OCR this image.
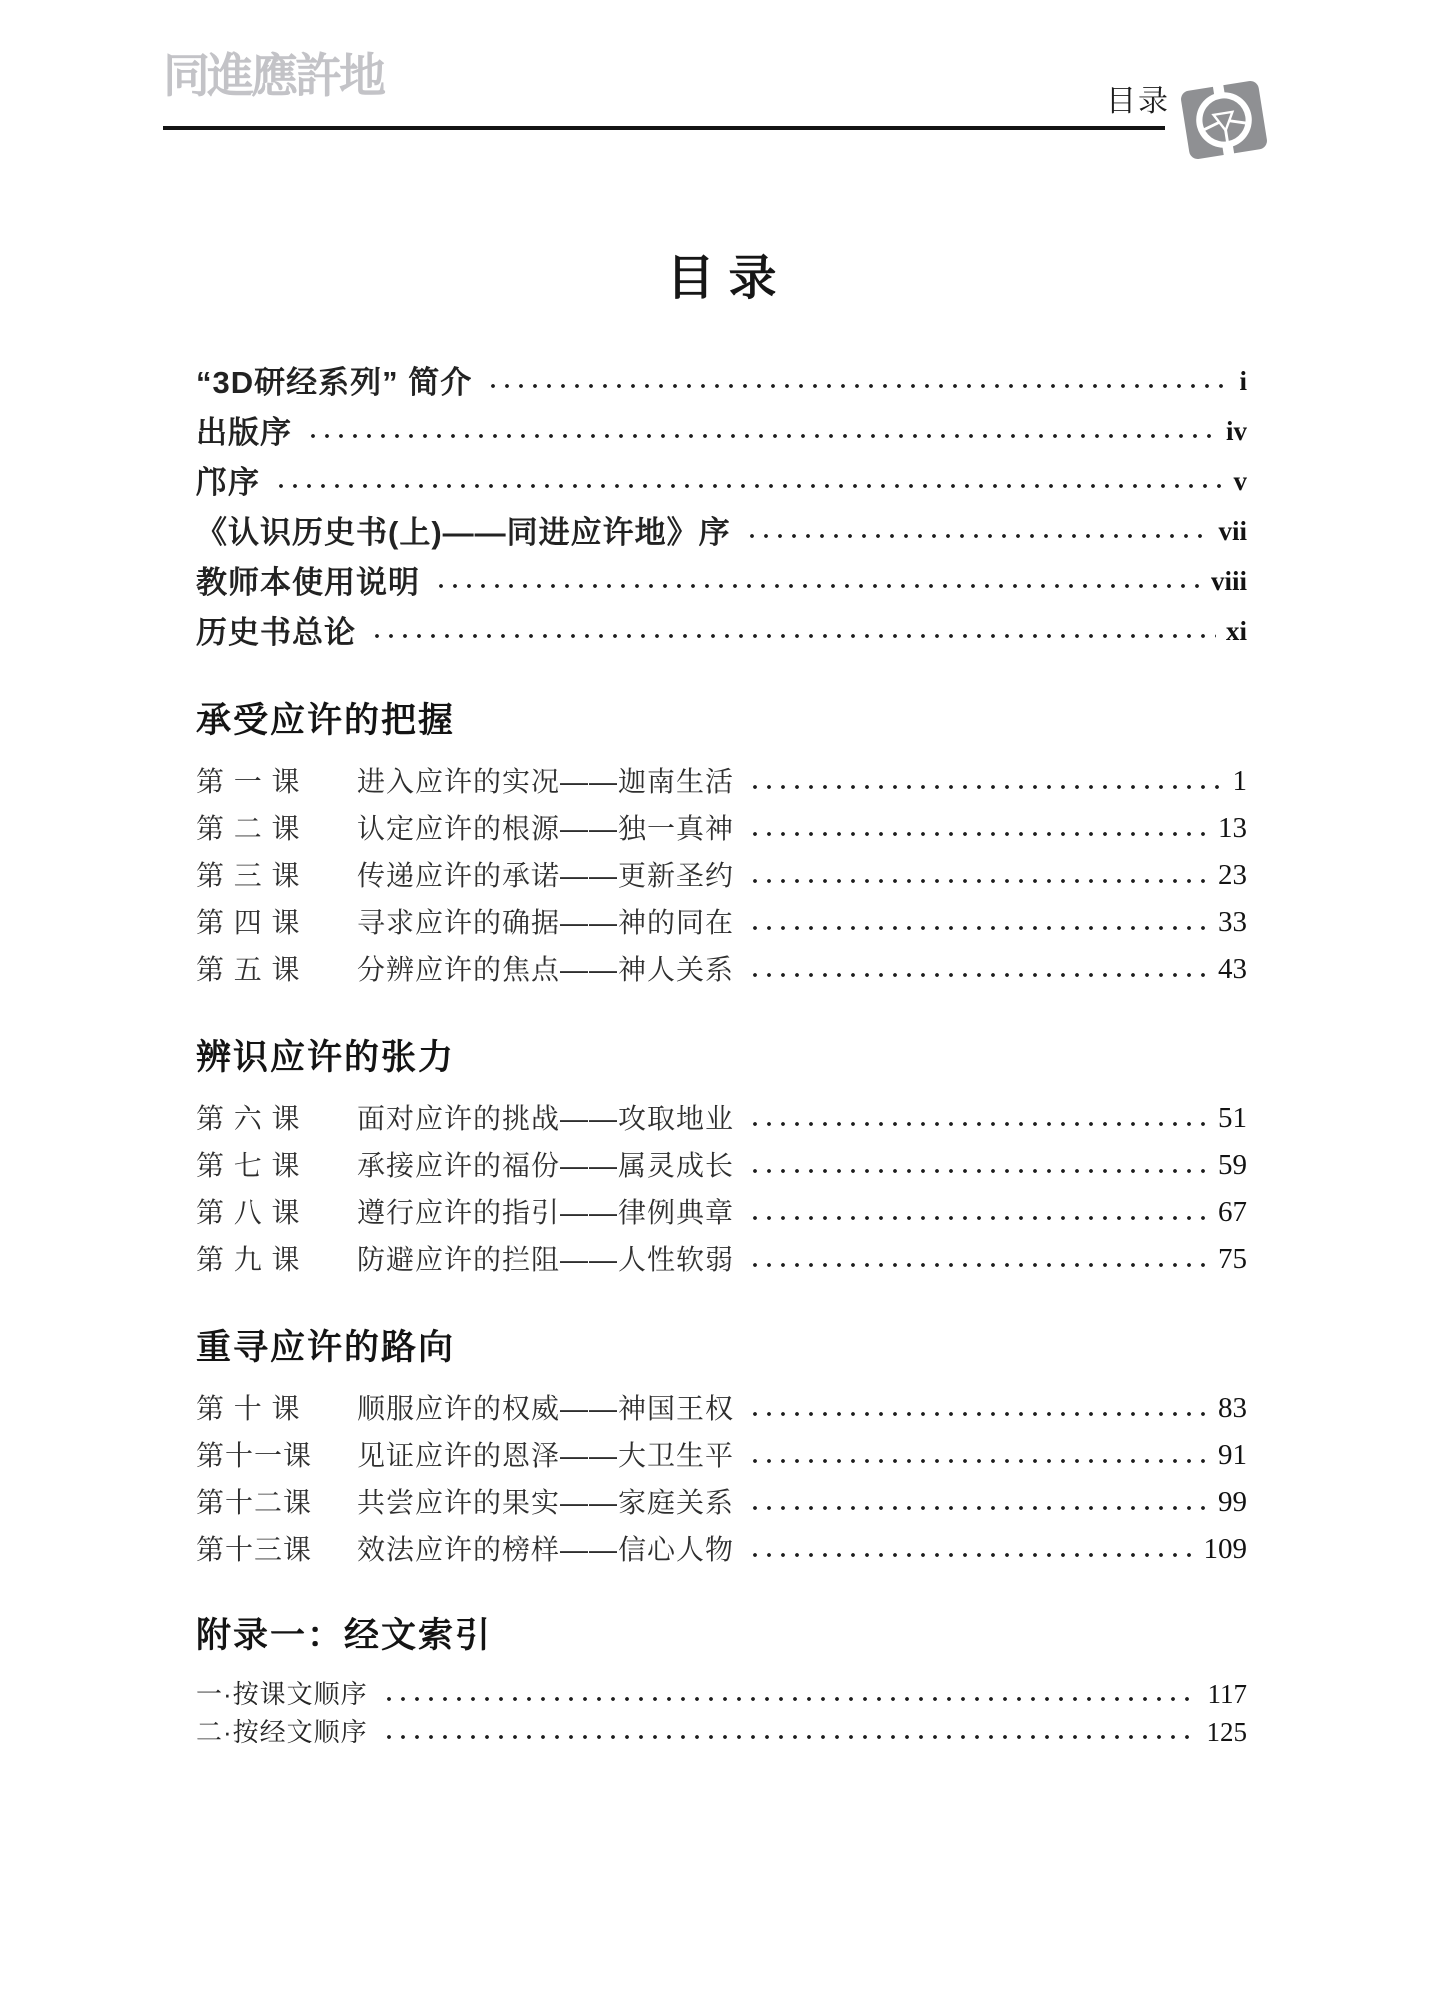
同進應許地	目录
目录
“3D研经系列” 简介	i
出版序	iv
邝序	v
《认识历史书(上)——同进应许地》序	vii
教师本使用说明	viii
历史书总论	xi
承受应许的把握
第 一 课	进入应许的实况——迦南生活	1
第 二 课	认定应许的根源——独一真神	13
第 三 课	传递应许的承诺——更新圣约	23
第 四 课	寻求应许的确据——神的同在	33
第 五 课	分辨应许的焦点——神人关系	43
辨识应许的张力
第 六 课	面对应许的挑战——攻取地业	51
第 七 课	承接应许的福份——属灵成长	59
第 八 课	遵行应许的指引——律例典章	67
第 九 课	防避应许的拦阻——人性软弱	75
重寻应许的路向
第 十 课	顺服应许的权威——神国王权	83
第十一课 见证应许的恩泽——大卫生平	91
第十二课 共尝应许的果实——家庭关系	99
第十三课 效法应许的榜样——信心人物	109
附录一：经文索引
一·按课文顺序	117
二·按经文顺序	125
